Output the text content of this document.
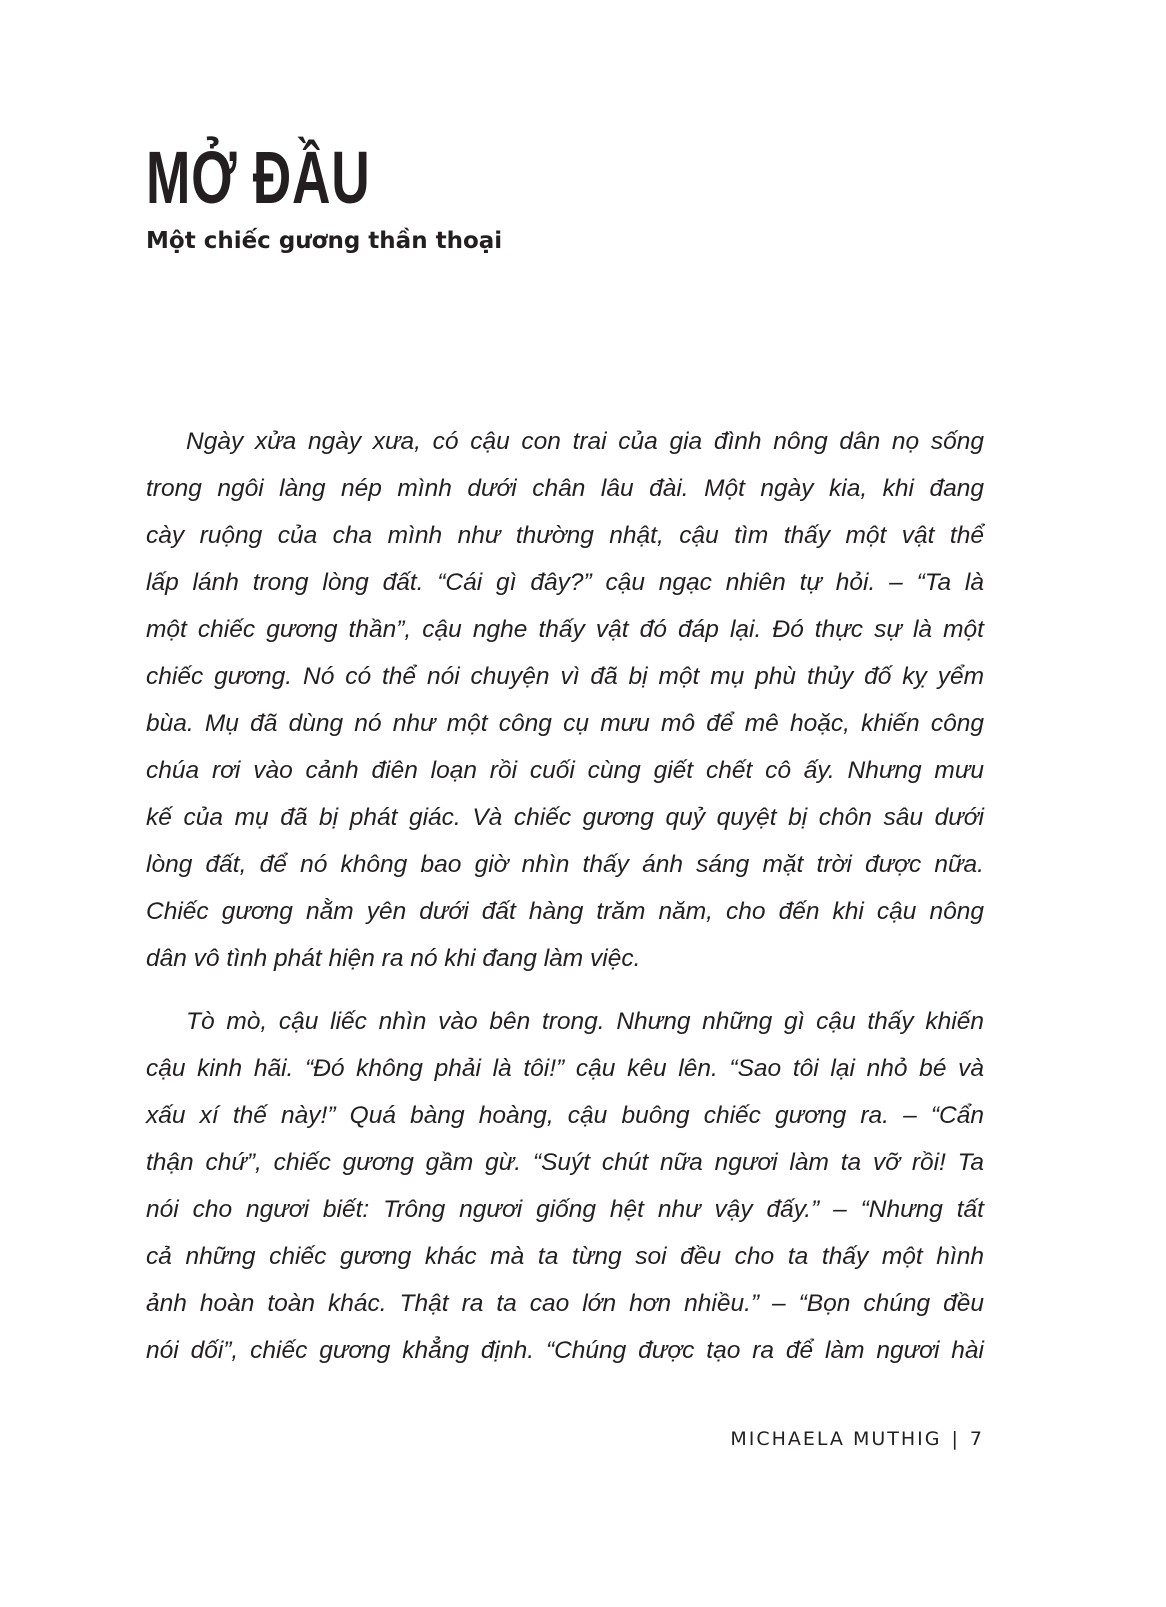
MỞ ĐẦU
Một chiếc gương thần thoại
Ngày xửa ngày xưa, có cậu con trai của gia đình nông dân nọ sống
trong ngôi làng nép mình dưới chân lâu đài. Một ngày kia, khi đang
cày ruộng của cha mình như thường nhật, cậu tìm thấy một vật thể
lấp lánh trong lòng đất. “Cái gì đây?” cậu ngạc nhiên tự hỏi. – “Ta là
một chiếc gương thần”, cậu nghe thấy vật đó đáp lại. Đó thực sự là một
chiếc gương. Nó có thể nói chuyện vì đã bị một mụ phù thủy đố kỵ yểm
bùa. Mụ đã dùng nó như một công cụ mưu mô để mê hoặc, khiến công
chúa rơi vào cảnh điên loạn rồi cuối cùng giết chết cô ấy. Nhưng mưu
kế của mụ đã bị phát giác. Và chiếc gương quỷ quyệt bị chôn sâu dưới
lòng đất, để nó không bao giờ nhìn thấy ánh sáng mặt trời được nữa.
Chiếc gương nằm yên dưới đất hàng trăm năm, cho đến khi cậu nông
dân vô tình phát hiện ra nó khi đang làm việc.
Tò mò, cậu liếc nhìn vào bên trong. Nhưng những gì cậu thấy khiến
cậu kinh hãi. “Đó không phải là tôi!” cậu kêu lên. “Sao tôi lại nhỏ bé và
xấu xí thế này!” Quá bàng hoàng, cậu buông chiếc gương ra. – “Cẩn
thận chứ”, chiếc gương gầm gừ. “Suýt chút nữa ngươi làm ta vỡ rồi! Ta
nói cho ngươi biết: Trông ngươi giống hệt như vậy đấy.” – “Nhưng tất
cả những chiếc gương khác mà ta từng soi đều cho ta thấy một hình
ảnh hoàn toàn khác. Thật ra ta cao lớn hơn nhiều.” – “Bọn chúng đều
nói dối”, chiếc gương khẳng định. “Chúng được tạo ra để làm ngươi hài
MICHAELA MUTHIG | 7
